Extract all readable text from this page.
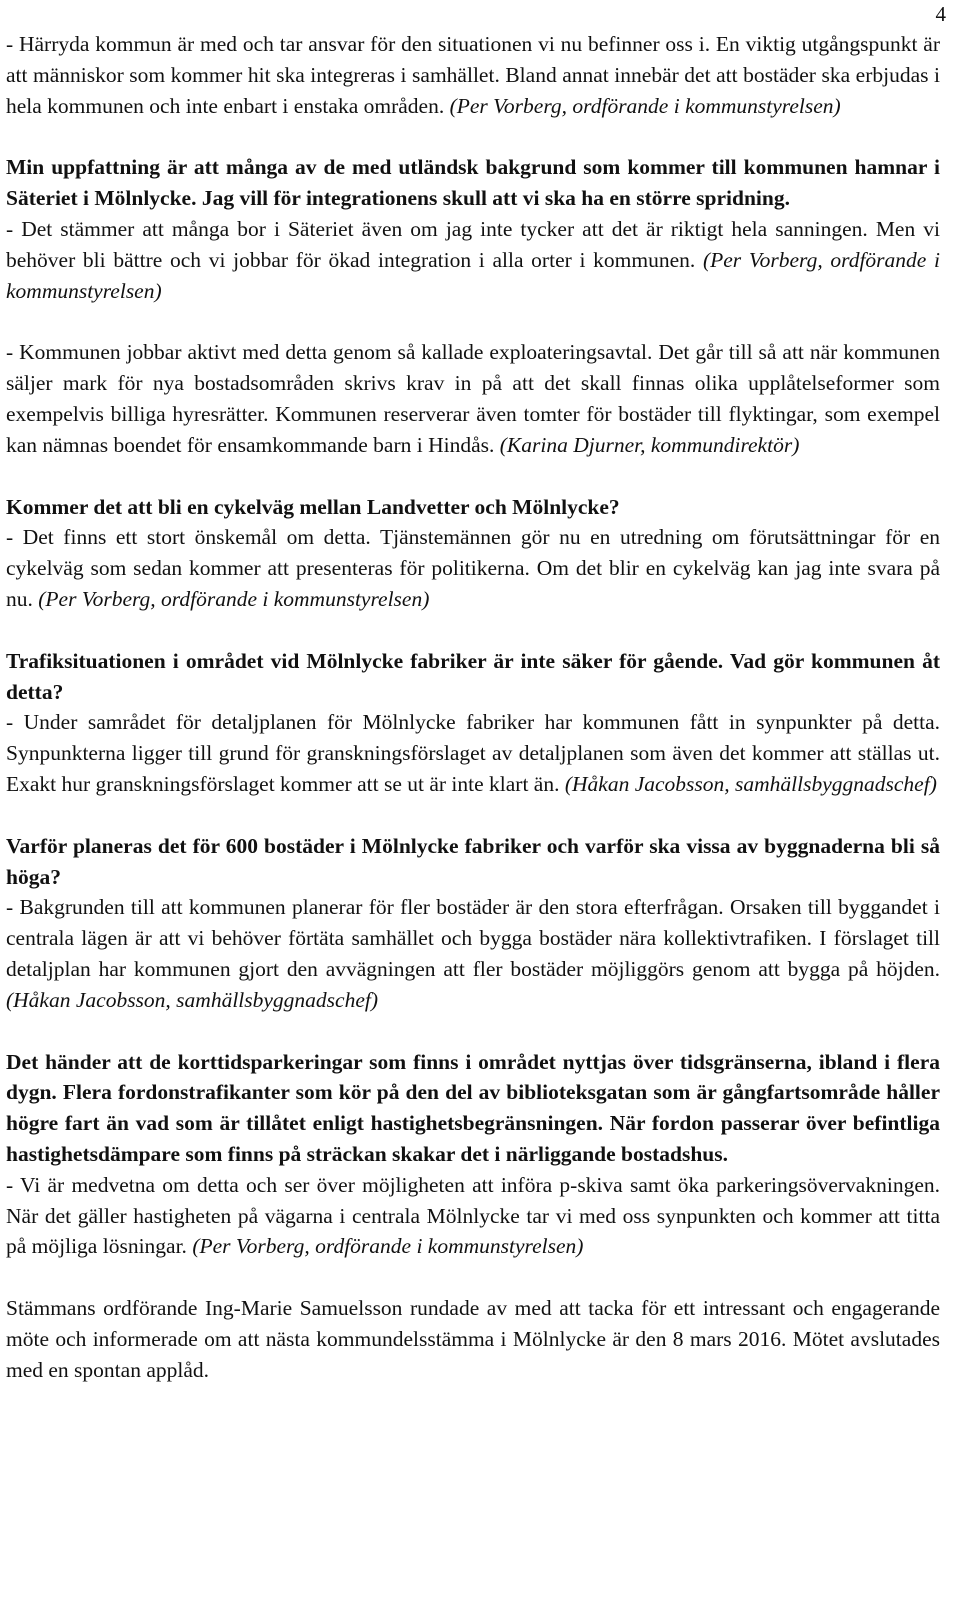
4

- Härryda kommun är med och tar ansvar för den situationen vi nu befinner oss i. En viktig utgångspunkt är att människor som kommer hit ska integreras i samhället. Bland annat innebär det att bostäder ska erbjudas i hela kommunen och inte enbart i enstaka områden. (Per Vorberg, ordförande i kommunstyrelsen)

Min uppfattning är att många av de med utländsk bakgrund som kommer till kommunen hamnar i Säteriet i Mölnlycke. Jag vill för integrationens skull att vi ska ha en större spridning.
- Det stämmer att många bor i Säteriet även om jag inte tycker att det är riktigt hela sanningen. Men vi behöver bli bättre och vi jobbar för ökad integration i alla orter i kommunen. (Per Vorberg, ordförande i kommunstyrelsen)

- Kommunen jobbar aktivt med detta genom så kallade exploateringsavtal. Det går till så att när kommunen säljer mark för nya bostadsområden skrivs krav in på att det skall finnas olika upplåtelseformer som exempelvis billiga hyresrätter. Kommunen reserverar även tomter för bostäder till flyktingar, som exempel kan nämnas boendet för ensamkommande barn i Hindås. (Karina Djurner, kommundirektör)

Kommer det att bli en cykelväg mellan Landvetter och Mölnlycke?
- Det finns ett stort önskemål om detta. Tjänstemännen gör nu en utredning om förutsättningar för en cykelväg som sedan kommer att presenteras för politikerna. Om det blir en cykelväg kan jag inte svara på nu. (Per Vorberg, ordförande i kommunstyrelsen)

Trafiksituationen i området vid Mölnlycke fabriker är inte säker för gående. Vad gör kommunen åt detta?
- Under samrådet för detaljplanen för Mölnlycke fabriker har kommunen fått in synpunkter på detta. Synpunkterna ligger till grund för granskningsförslaget av detaljplanen som även det kommer att ställas ut. Exakt hur granskningsförslaget kommer att se ut är inte klart än. (Håkan Jacobsson, samhällsbyggnadschef)

Varför planeras det för 600 bostäder i Mölnlycke fabriker och varför ska vissa av byggnaderna bli så höga?
- Bakgrunden till att kommunen planerar för fler bostäder är den stora efterfrågan. Orsaken till byggandet i centrala lägen är att vi behöver förtäta samhället och bygga bostäder nära kollektivtrafiken. I förslaget till detaljplan har kommunen gjort den avvägningen att fler bostäder möjliggörs genom att bygga på höjden. (Håkan Jacobsson, samhällsbyggnadschef)

Det händer att de korttidsparkeringar som finns i området nyttjas över tidsgränserna, ibland i flera dygn. Flera fordonstrafikanter som kör på den del av biblioteksgatan som är gångfartsområde håller högre fart än vad som är tillåtet enligt hastighetsbegränsningen. När fordon passerar över befintliga hastighetsdämpare som finns på sträckan skakar det i närliggande bostadshus.
- Vi är medvetna om detta och ser över möjligheten att införa p-skiva samt öka parkeringsövervakningen. När det gäller hastigheten på vägarna i centrala Mölnlycke tar vi med oss synpunkten och kommer att titta på möjliga lösningar. (Per Vorberg, ordförande i kommunstyrelsen)

Stämmans ordförande Ing-Marie Samuelsson rundade av med att tacka för ett intressant och engagerande möte och informerade om att nästa kommundelsstämma i Mölnlycke är den 8 mars 2016. Mötet avslutades med en spontan applåd.
